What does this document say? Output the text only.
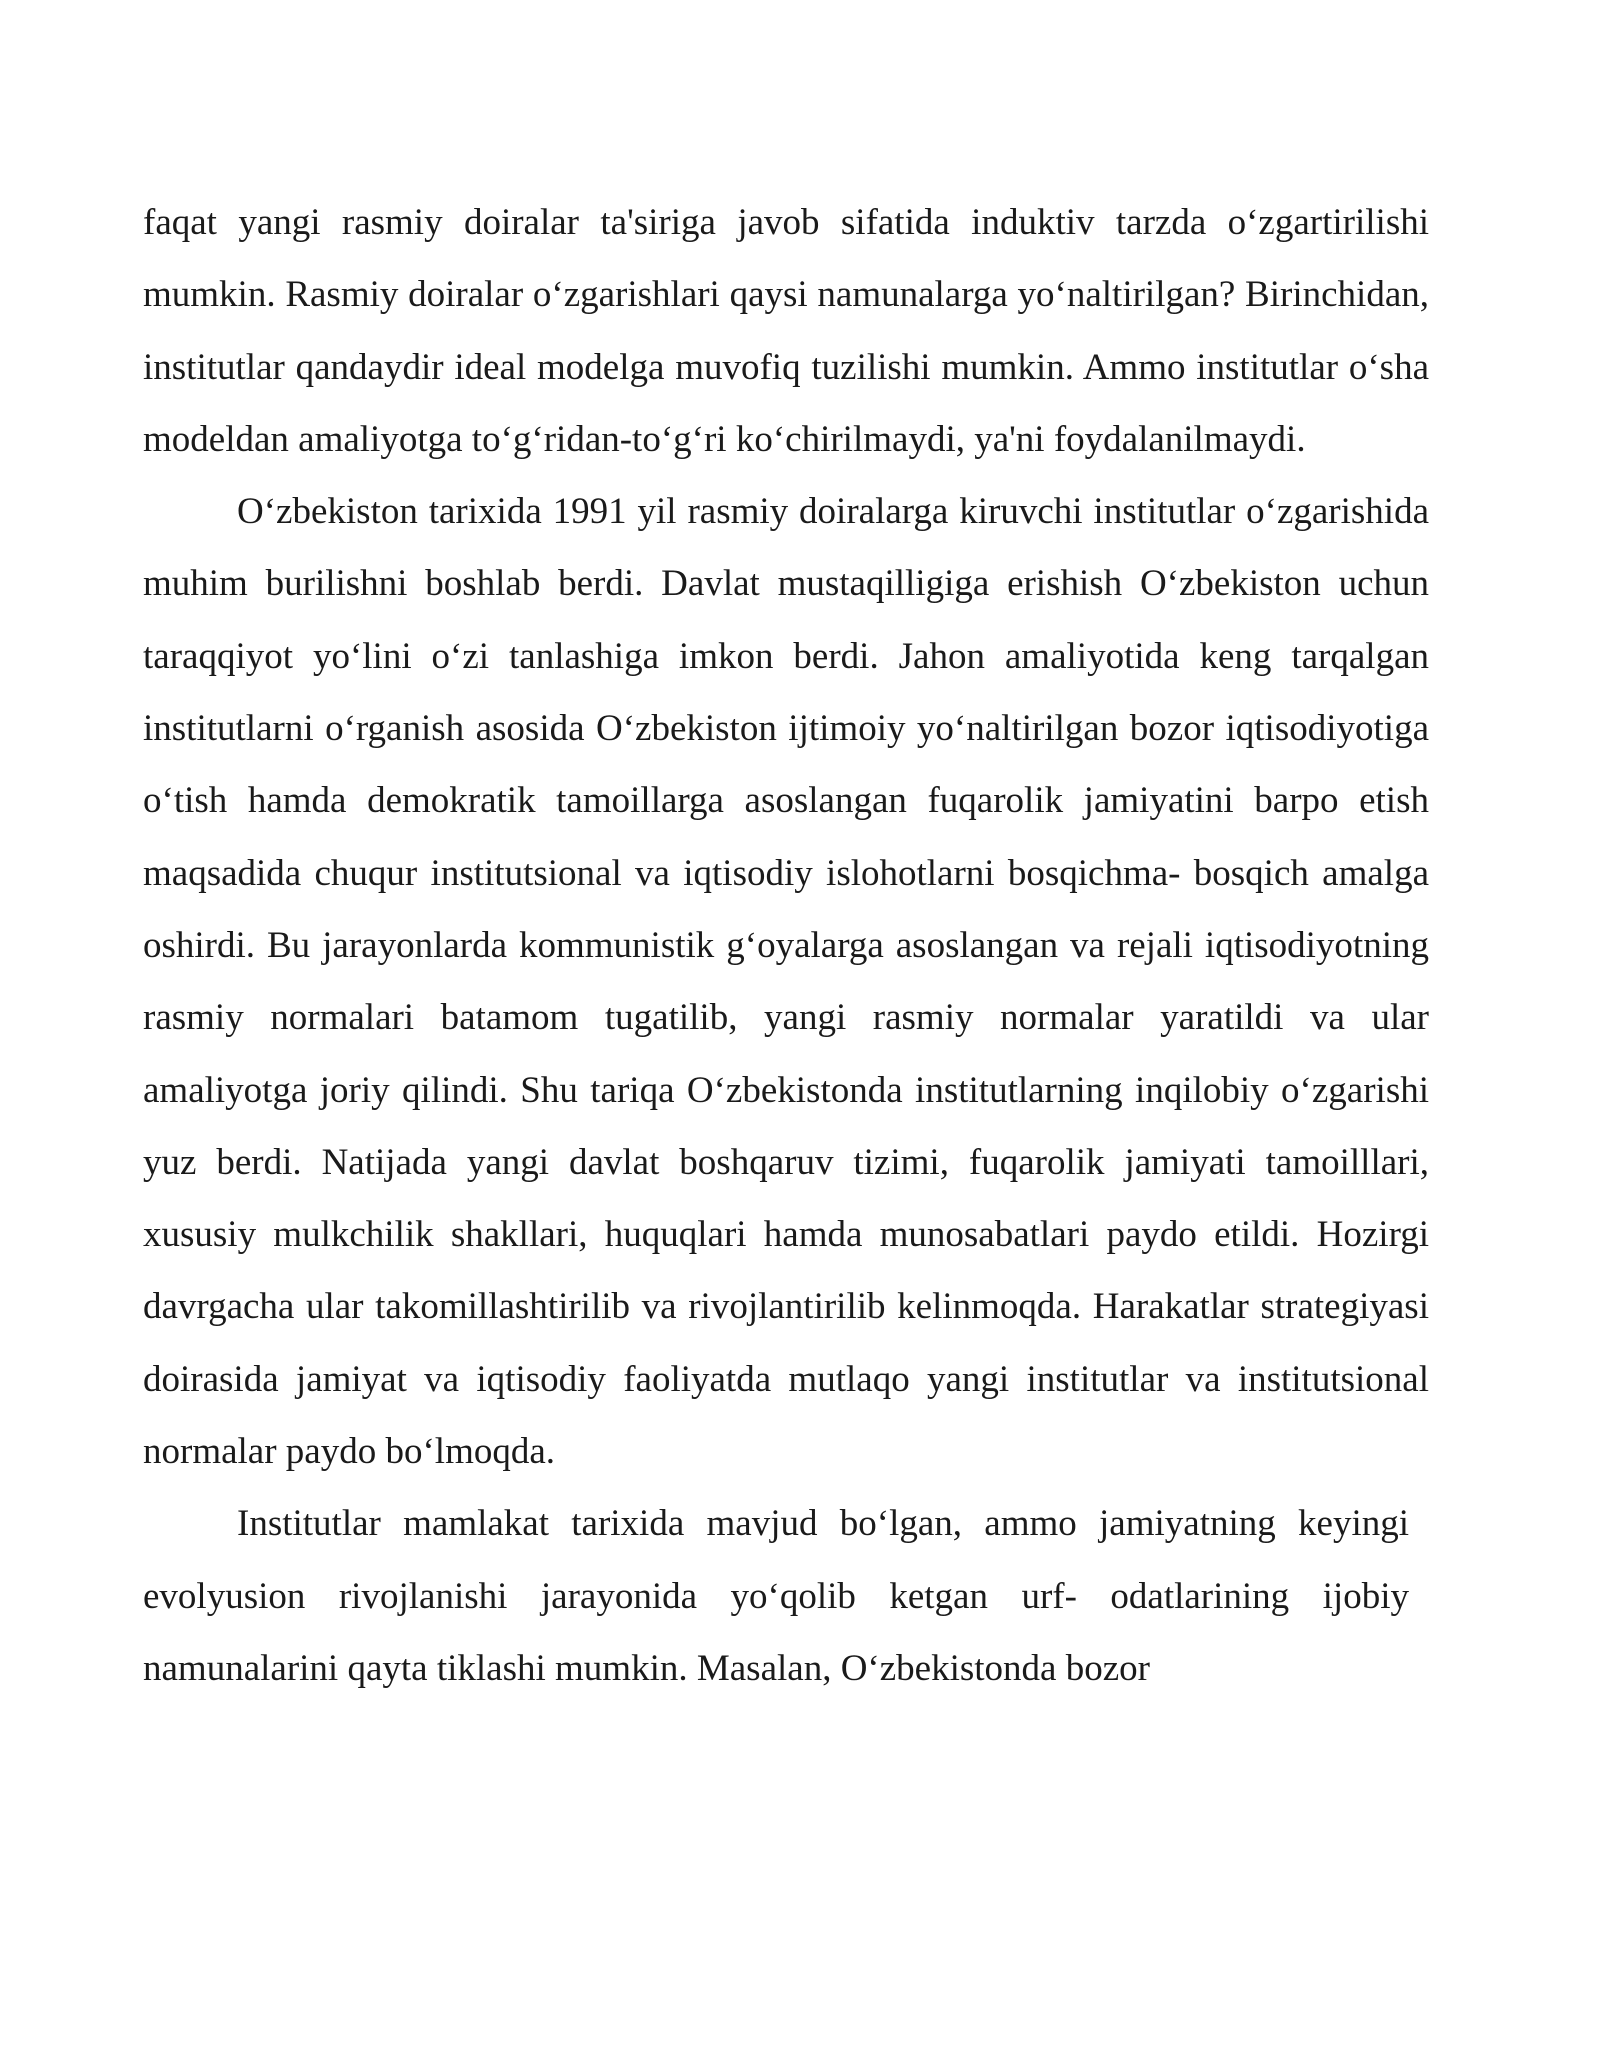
faqat yangi rasmiy doiralar ta'siriga javob sifatida induktiv tarzda o‘zgartirilishi mumkin. Rasmiy doiralar o‘zgarishlari qaysi namunalarga yo‘naltirilgan? Birinchidan, institutlar qandaydir ideal modelga muvofiq tuzilishi mumkin. Ammo institutlar o‘sha modeldan amaliyotga to‘g‘ridan-to‘g‘ri ko‘chirilmaydi, ya'ni foydalanilmaydi.

O‘zbekiston tarixida 1991 yil rasmiy doiralarga kiruvchi institutlar o‘zgarishida muhim burilishni boshlab berdi. Davlat mustaqilligiga erishish O‘zbekiston uchun taraqqiyot yo‘lini o‘zi tanlashiga imkon berdi. Jahon amaliyotida keng tarqalgan institutlarni o‘rganish asosida O‘zbekiston ijtimoiy yo‘naltirilgan bozor iqtisodiyotiga o‘tish hamda demokratik tamoillarga asoslangan fuqarolik jamiyatini barpo etish maqsadida chuqur institutsional va iqtisodiy islohotlarni bosqichma- bosqich amalga oshirdi. Bu jarayonlarda kommunistik g‘oyalarga asoslangan va rejali iqtisodiyotning rasmiy normalari batamom tugatilib, yangi rasmiy normalar yaratildi va ular amaliyotga joriy qilindi. Shu tariqa O‘zbekistonda institutlarning inqilobiy o‘zgarishi yuz berdi. Natijada yangi davlat boshqaruv tizimi, fuqarolik jamiyati tamoilllari, xususiy mulkchilik shakllari, huquqlari hamda munosabatlari paydo etildi. Hozirgi davrgacha ular takomillashtirilib va rivojlantirilib kelinmoqda. Harakatlar strategiyasi doirasida jamiyat va iqtisodiy faoliyatda mutlaqo yangi institutlar va institutsional normalar paydo bo‘lmoqda.

Institutlar mamlakat tarixida mavjud bo‘lgan, ammo jamiyatning keyingi evolyusion rivojlanishi jarayonida yo‘qolib ketgan urf- odatlarining ijobiy namunalarini qayta tiklashi mumkin. Masalan, O‘zbekistonda bozor
